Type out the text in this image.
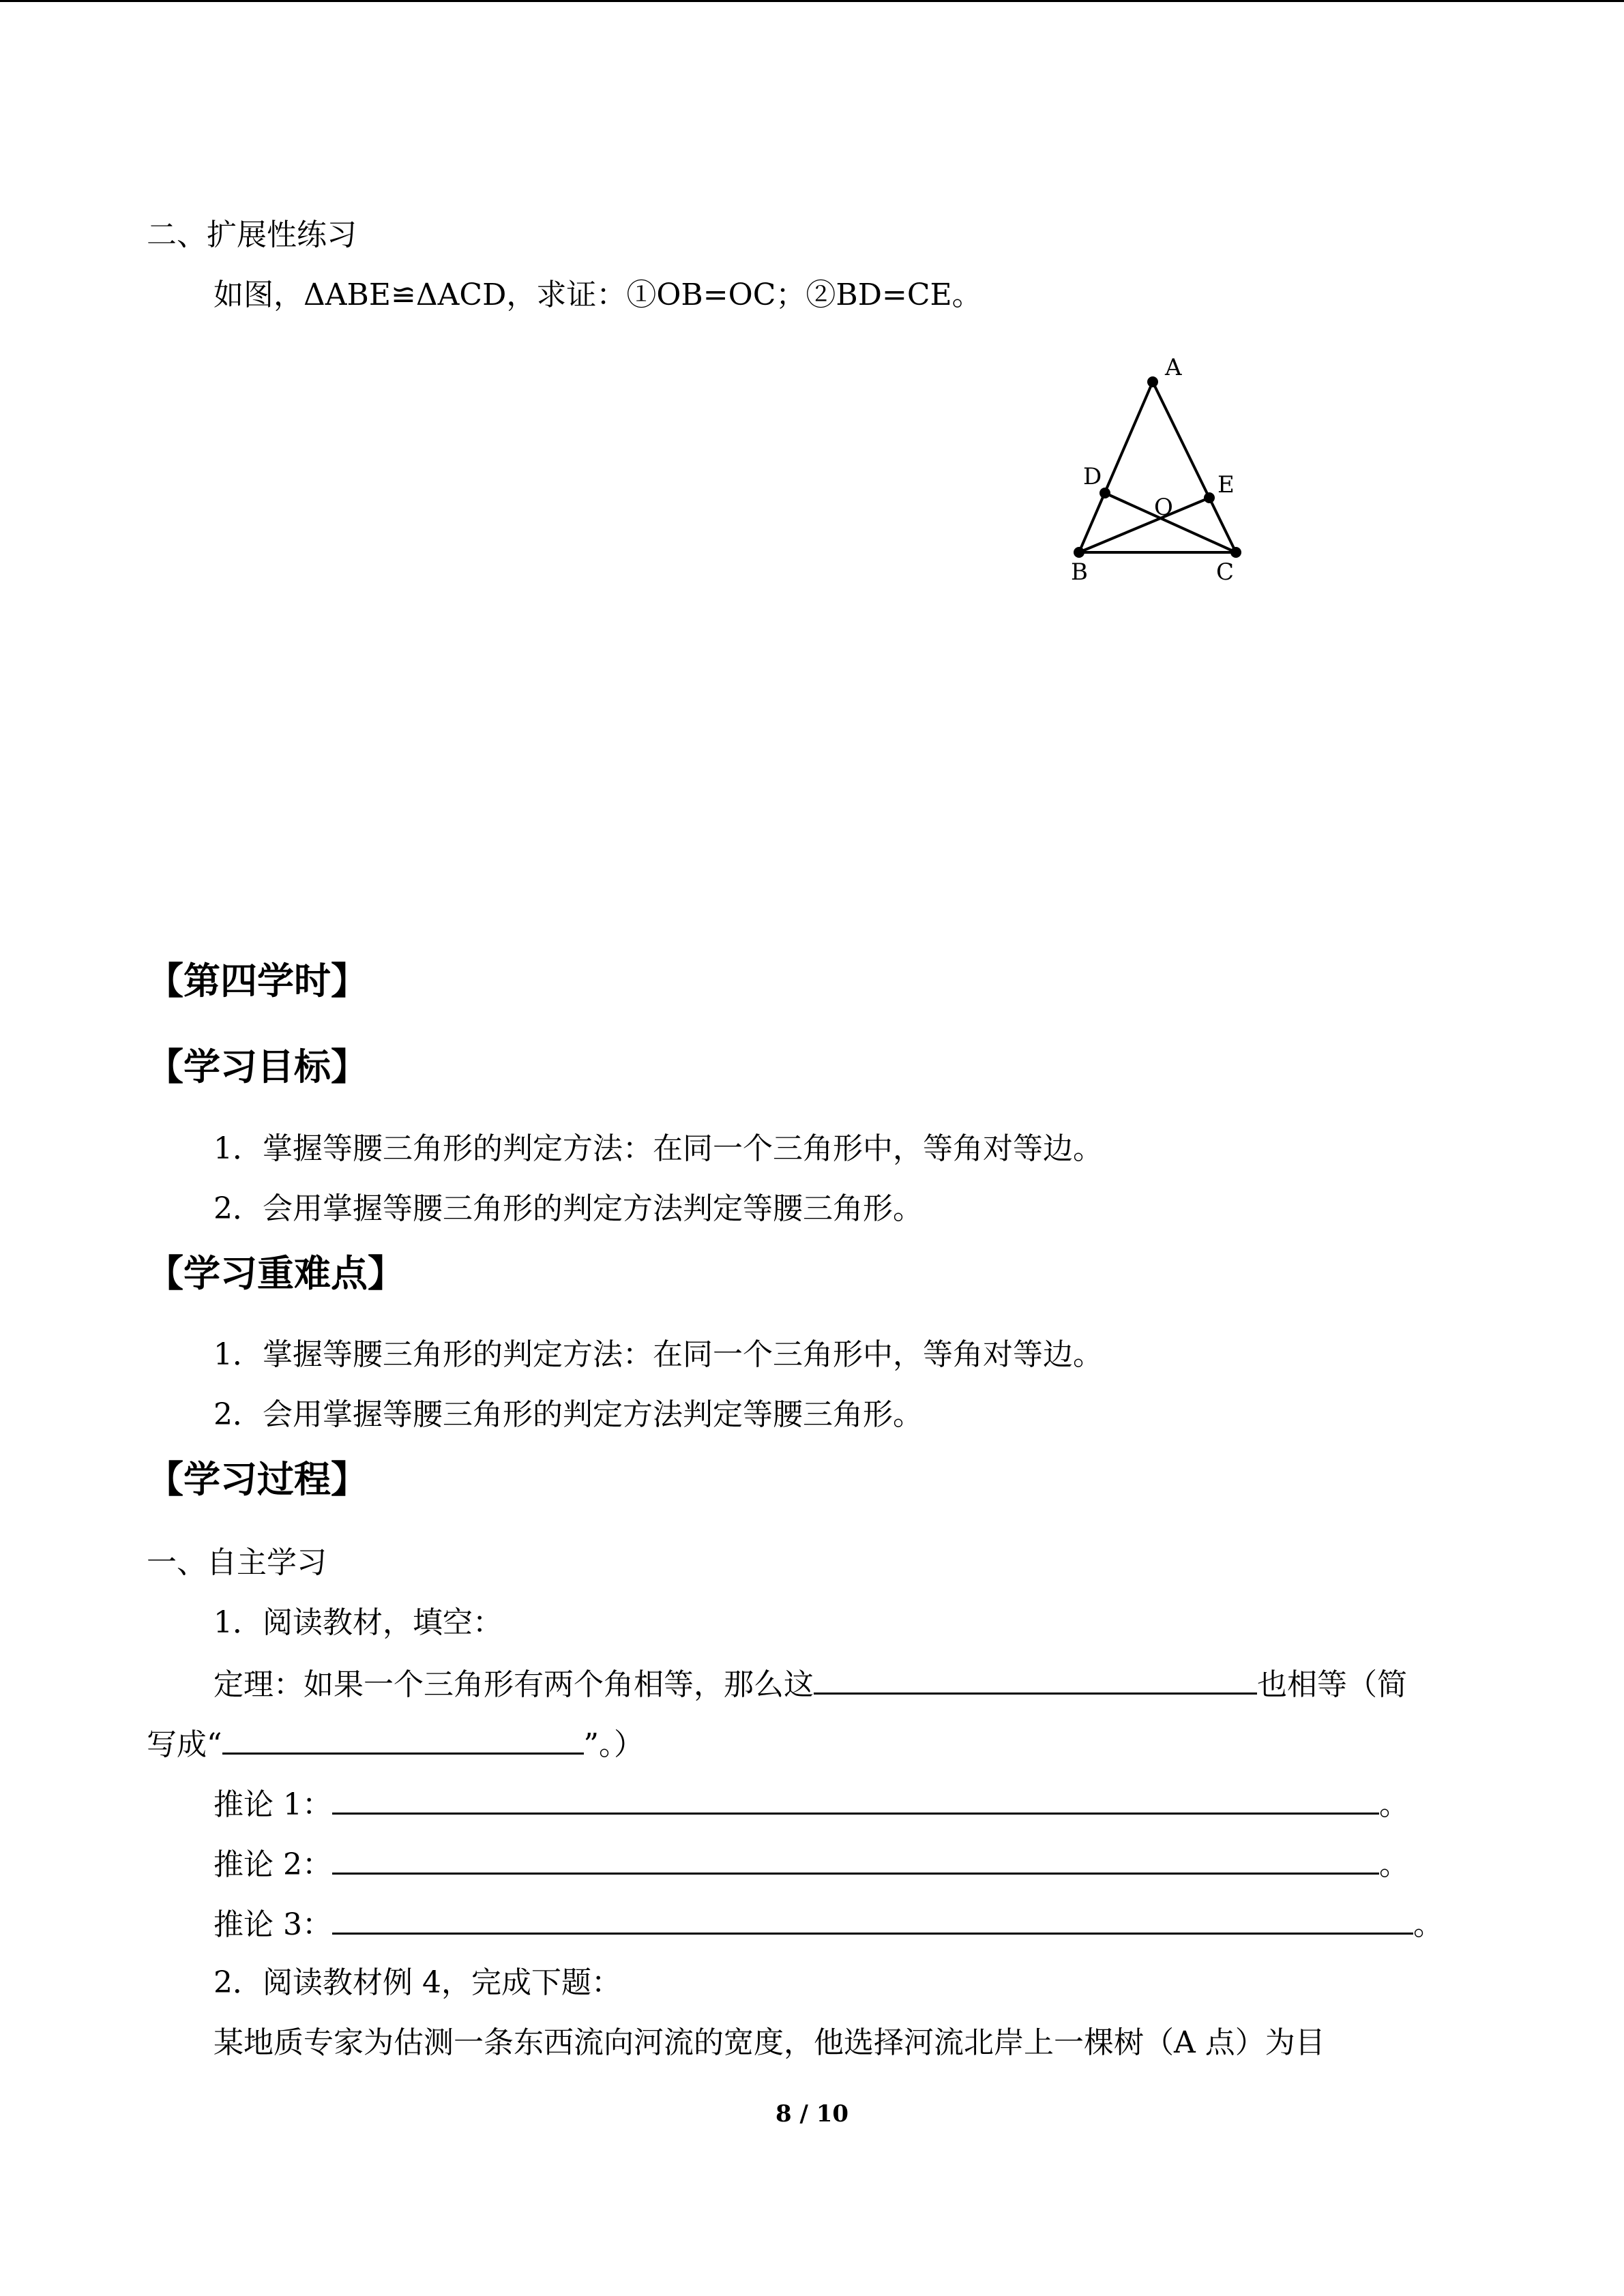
二、扩展性练习
如图，ΔABE≌ΔACD，求证：①OB=OC；②BD=CE。
A
D	E
O
B	C
【第四学时】
【学习目标】
1．掌握等腰三角形的判定方法：在同一个三角形中，等角对等边。
2．会用掌握等腰三角形的判定方法判定等腰三角形。
【学习重难点】
1．掌握等腰三角形的判定方法：在同一个三角形中，等角对等边。
2．会用掌握等腰三角形的判定方法判定等腰三角形。
【学习过程】
一、自主学习
1．阅读教材，填空：
定理：如果一个三角形有两个角相等，那么这	也相等（简
写成“	”。）
推论 1：	。
推论 2：	。
推论 3：	。
2．阅读教材例 4，完成下题：
某地质专家为估测一条东西流向河流的宽度，他选择河流北岸上一棵树（A 点）为目
8 / 10
